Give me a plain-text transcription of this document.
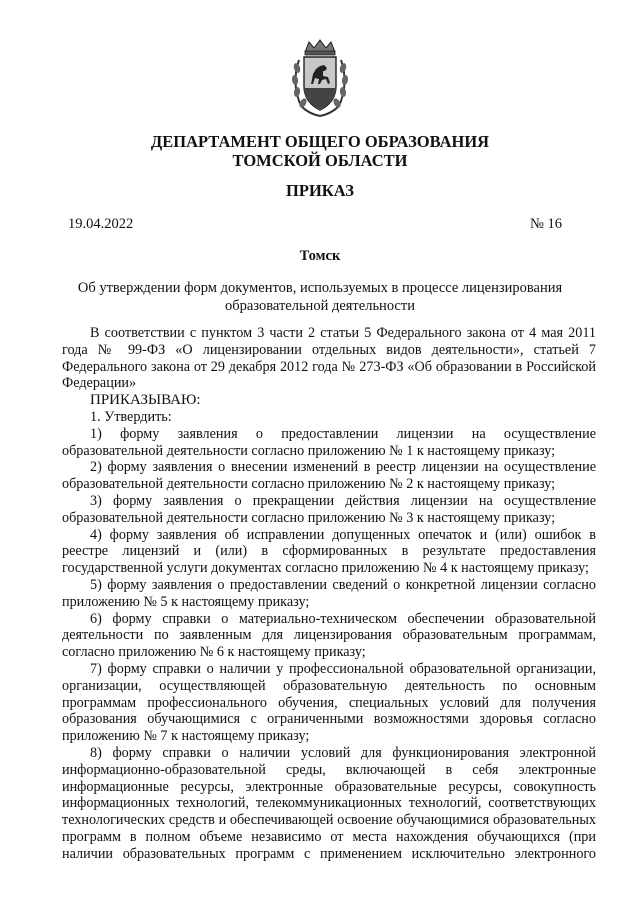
ДЕПАРТАМЕНТ ОБЩЕГО ОБРАЗОВАНИЯ
ТОМСКОЙ ОБЛАСТИ
ПРИКАЗ
19.04.2022	№ 16
Томск
Об утверждении форм документов, используемых в процессе лицензирования образовательной деятельности

В соответствии с пунктом 3 части 2 статьи 5 Федерального закона от 4 мая 2011 года № 99-ФЗ «О лицензировании отдельных видов деятельности», статьей 7 Федерального закона от 29 декабря 2012 года № 273-ФЗ «Об образовании в Российской Федерации»

ПРИКАЗЫВАЮ:

1. Утвердить:

1) форму заявления о предоставлении лицензии на осуществление образовательной деятельности согласно приложению № 1 к настоящему приказу;

2) форму заявления о внесении изменений в реестр лицензии на осуществление образовательной деятельности согласно приложению № 2 к настоящему приказу;

3) форму заявления о прекращении действия лицензии на осуществление образовательной деятельности согласно приложению № 3 к настоящему приказу;

4) форму заявления об исправлении допущенных опечаток и (или) ошибок в реестре лицензий и (или) в сформированных в результате предоставления государственной услуги документах согласно приложению № 4 к настоящему приказу;

5) форму заявления о предоставлении сведений о конкретной лицензии согласно приложению № 5 к настоящему приказу;

6) форму справки о материально-техническом обеспечении образовательной деятельности по заявленным для лицензирования образовательным программам, согласно приложению № 6 к настоящему приказу;

7) форму справки о наличии у профессиональной образовательной организации, организации, осуществляющей образовательную деятельность по основным программам профессионального обучения, специальных условий для получения образования обучающимися с ограниченными возможностями здоровья согласно приложению № 7 к настоящему приказу;

8) форму справки о наличии условий для функционирования электронной информационно-образовательной среды, включающей в себя электронные информационные ресурсы, электронные образовательные ресурсы, совокупность информационных технологий, телекоммуникационных технологий, соответствующих технологических средств и обеспечивающей освоение обучающимися образовательных программ в полном объеме независимо от места нахождения обучающихся (при наличии образовательных программ с применением исключительно электронного
